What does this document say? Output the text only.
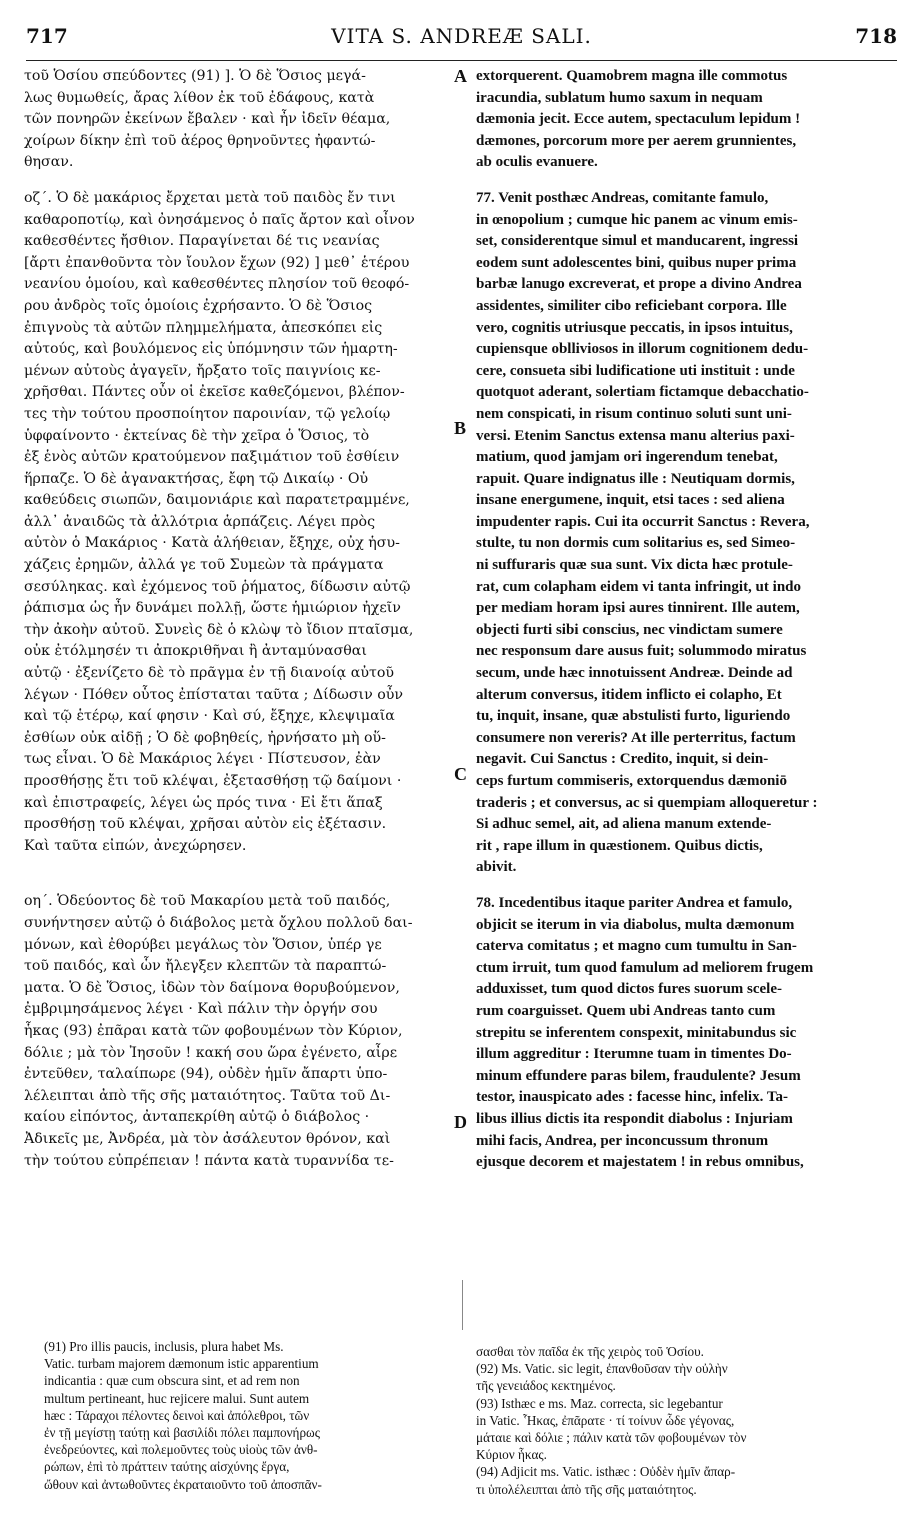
717	VITA S. ANDREÆ SALI.	718

τοῦ Ὁσίου σπεύδοντες (91) ]. Ὁ δὲ Ὅσιος μεγά-
λως θυμωθείς, ἄρας λίθον ἐκ τοῦ ἐδάφους, κατὰ
τῶν πονηρῶν ἐκείνων ἔβαλεν · καὶ ἦν ἰδεῖν θέαμα,
χοίρων δίκην ἐπὶ τοῦ ἀέρος θρηνοῦντες ἠφαντώ-
θησαν.

οζ΄. Ὁ δὲ μακάριος ἔρχεται μετὰ τοῦ παιδὸς ἔν τινι
καθαροποτίῳ, καὶ ὀνησάμενος ὁ παῖς ἄρτον καὶ οἶνον
καθεσθέντες ἤσθιον. Παραγίνεται δέ τις νεανίας
[ἄρτι ἐπανθοῦντα τὸν ἴουλον ἔχων (92) ] μεθ᾽ ἑτέρου
νεανίου ὁμοίου, καὶ καθεσθέντες πλησίον τοῦ θεοφό-
ρου ἀνδρὸς τοῖς ὁμοίοις ἐχρήσαντο. Ὁ δὲ Ὅσιος
ἐπιγνοὺς τὰ αὐτῶν πλημμελήματα, ἀπεσκόπει εἰς
αὐτούς, καὶ βουλόμενος εἰς ὑπόμνησιν τῶν ἡμαρτη-
μένων αὐτοὺς ἀγαγεῖν, ἤρξατο τοῖς παιγνίοις κε-
χρῆσθαι. Πάντες οὖν οἱ ἐκεῖσε καθεζόμενοι, βλέπον-
τες τὴν τούτου προσποίητον παροινίαν, τῷ γελοίῳ
ὑφφαίνοντο · ἐκτείνας δὲ τὴν χεῖρα ὁ Ὅσιος, τὸ
ἐξ ἑνὸς αὐτῶν κρατούμενον παξιμάτιον τοῦ ἐσθίειν
ἥρπαζε. Ὁ δὲ ἀγανακτήσας, ἔφη τῷ Δικαίῳ · Οὐ
καθεύδεις σιωπῶν, δαιμονιάριε καὶ παρατετραμμένε,
ἀλλ᾽ ἀναιδῶς τὰ ἀλλότρια ἁρπάζεις. Λέγει πρὸς
αὐτὸν ὁ Μακάριος · Κατὰ ἀλήθειαν, ἔξηχε, οὐχ ἡσυ-
χάζεις ἐρημῶν, ἀλλά γε τοῦ Συμεὼν τὰ πράγματα
σεσύληκας. καὶ ἐχόμενος τοῦ ῥήματος, δίδωσιν αὐτῷ
ῥάπισμα ὡς ἦν δυνάμει πολλῇ, ὥστε ἡμιώριον ἠχεῖν
τὴν ἀκοὴν αὐτοῦ. Συνεὶς δὲ ὁ κλὼψ τὸ ἴδιον πταῖσμα,
οὐκ ἐτόλμησέν τι ἀποκριθῆναι ἢ ἀνταμύνασθαι
αὐτῷ · ἐξενίζετο δὲ τὸ πρᾶγμα ἐν τῇ διανοίᾳ αὐτοῦ
λέγων · Πόθεν οὗτος ἐπίσταται ταῦτα ; Δίδωσιν οὖν
καὶ τῷ ἑτέρῳ, καί φησιν · Καὶ σύ, ἔξηχε, κλεψιμαῖα
ἐσθίων οὐκ αἰδῇ ; Ὁ δὲ φοβηθείς, ἠρνήσατο μὴ οὕ-
τως εἶναι. Ὁ δὲ Μακάριος λέγει · Πίστευσον, ἐὰν
προσθήσῃς ἔτι τοῦ κλέψαι, ἐξετασθήσῃ τῷ δαίμονι ·
καὶ ἐπιστραφείς, λέγει ὡς πρός τινα · Εἰ ἔτι ἅπαξ
προσθήσῃ τοῦ κλέψαι, χρῆσαι αὐτὸν εἰς ἐξέτασιν.
Καὶ ταῦτα εἰπών, ἀνεχώρησεν.

οη΄. Ὁδεύοντος δὲ τοῦ Μακαρίου μετὰ τοῦ παιδός,
συνήντησεν αὐτῷ ὁ διάβολος μετὰ ὄχλου πολλοῦ δαι-
μόνων, καὶ ἐθορύβει μεγάλως τὸν Ὅσιον, ὑπέρ γε
τοῦ παιδός, καὶ ὧν ἤλεγξεν κλεπτῶν τὰ παραπτώ-
ματα. Ὁ δὲ Ὅσιος, ἰδὼν τὸν δαίμονα θορυβούμενον,
ἐμβριμησάμενος λέγει · Καὶ πάλιν τὴν ὀργήν σου
ἧκας (93) ἐπᾶραι κατὰ τῶν φοβουμένων τὸν Κύριον,
δόλιε ; μὰ τὸν Ἰησοῦν ! κακή σου ὥρα ἐγένετο, αἶρε
ἐντεῦθεν, ταλαίπωρε (94), οὐδὲν ἡμῖν ἄπαρτι ὑπο-
λέλειπται ἀπὸ τῆς σῆς ματαιότητος. Ταῦτα τοῦ Δι-
καίου εἰπόντος, ἀνταπεκρίθη αὐτῷ ὁ διάβολος ·
Ἀδικεῖς με, Ἀνδρέα, μὰ τὸν ἀσάλευτον θρόνον, καὶ
τὴν τούτου εὐπρέπειαν ! πάντα κατὰ τυραννίδα τε-

A
B
C
D

extorquerent. Quamobrem magna ille commotus
iracundia, sublatum humo saxum in nequam
dæmonia jecit. Ecce autem, spectaculum lepidum !
dæmones, porcorum more per aerem grunnientes,
ab oculis evanuere.

77. Venit posthæc Andreas, comitante famulo,
in œnopolium ; cumque hic panem ac vinum emis-
set, considerentque simul et manducarent, ingressi
eodem sunt adolescentes bini, quibus nuper prima
barbæ lanugo excreverat, et prope a divino Andrea
assidentes, similiter cibo reficiebant corpora. Ille
vero, cognitis utriusque peccatis, in ipsos intuitus,
cupiensque oblliviosos in illorum cognitionem dedu-
cere, consueta sibi ludificatione uti instituit : unde
quotquot aderant, solertiam fictamque debacchatio-
nem conspicati, in risum continuo soluti sunt uni-
versi. Etenim Sanctus extensa manu alterius paxi-
matium, quod jamjam ori ingerendum tenebat,
rapuit. Quare indignatus ille : Neutiquam dormis,
insane energumene, inquit, etsi taces : sed aliena
impudenter rapis. Cui ita occurrit Sanctus : Revera,
stulte, tu non dormis cum solitarius es, sed Simeo-
ni suffuraris quæ sua sunt. Vix dicta hæc protule-
rat, cum colapham eidem vi tanta infringit, ut indo
per mediam horam ipsi aures tinnirent. Ille autem,
objecti furti sibi conscius, nec vindictam sumere
nec responsum dare ausus fuit; solummodo miratus
secum, unde hæc innotuissent Andreæ. Deinde ad
alterum conversus, itidem inflicto ei colapho, Et
tu, inquit, insane, quæ abstulisti furto, liguriendo
consumere non vereris? At ille perterritus, factum
negavit. Cui Sanctus : Credito, inquit, si dein-
ceps furtum commiseris, extorquendus dæmoniō
traderis ; et conversus, ac si quempiam alloqueretur :
Si adhuc semel, ait, ad aliena manum extende-
rit , rape illum in quæstionem. Quibus dictis,
abivit.

78. Incedentibus itaque pariter Andrea et famulo,
objicit se iterum in via diabolus, multa dæmonum
caterva comitatus ; et magno cum tumultu in San-
ctum irruit, tum quod famulum ad meliorem frugem
adduxisset, tum quod dictos fures suorum scele-
rum coarguisset. Quem ubi Andreas tanto cum
strepitu se inferentem conspexit, minitabundus sic
illum aggreditur : Iterumne tuam in timentes Do-
minum effundere paras bilem, fraudulente? Jesum
testor, inauspicato ades : facesse hinc, infelix. Ta-
libus illius dictis ita respondit diabolus : Injuriam
mihi facis, Andrea, per inconcussum thronum
ejusque decorem et majestatem ! in rebus omnibus,

(91) Pro illis paucis, inclusis, plura habet Ms.
Vatic. turbam majorem dæmonum istic apparentium
indicantia : quæ cum obscura sint, et ad rem non
multum pertineant, huc rejicere malui. Sunt autem
hæc : Τάραχοι πέλοντες δεινοὶ καὶ ἀπόλεθροι, τῶν
ἐν τῇ μεγίστῃ ταύτῃ καὶ βασιλίδι πόλει παμπονήρως
ἐνεδρεύοντες, καὶ πολεμοῦντες τοὺς υἱοὺς τῶν ἀνθ-
ρώπων, ἐπὶ τὸ πράττειν ταύτης αἰσχύνης ἔργα,
ὤθουν καὶ ἀντωθοῦντες ἐκραταιοῦντο τοῦ ἀποσπᾶν-
σασθαι τὸν παῖδα ἐκ τῆς χειρὸς τοῦ Ὁσίου.
(92) Ms. Vatic. sic legit, ἐπανθοῦσαν τὴν οὐλὴν
τῆς γενειάδος κεκτημένος.
(93) Isthæc e ms. Maz. correcta, sic legebantur
in Vatic. Ἧκας, ἐπᾶρατε · τί τοίνυν ὧδε γέγονας,
μάταιε καὶ δόλιε ; πάλιν κατὰ τῶν φοβουμένων τὸν
Κύριον ἧκας.
(94) Adjicit ms. Vatic. isthæc : Οὐδὲν ἡμῖν ἄπαρ-
τι ὑπολέλειπται ἀπὸ τῆς σῆς ματαιότητος.
